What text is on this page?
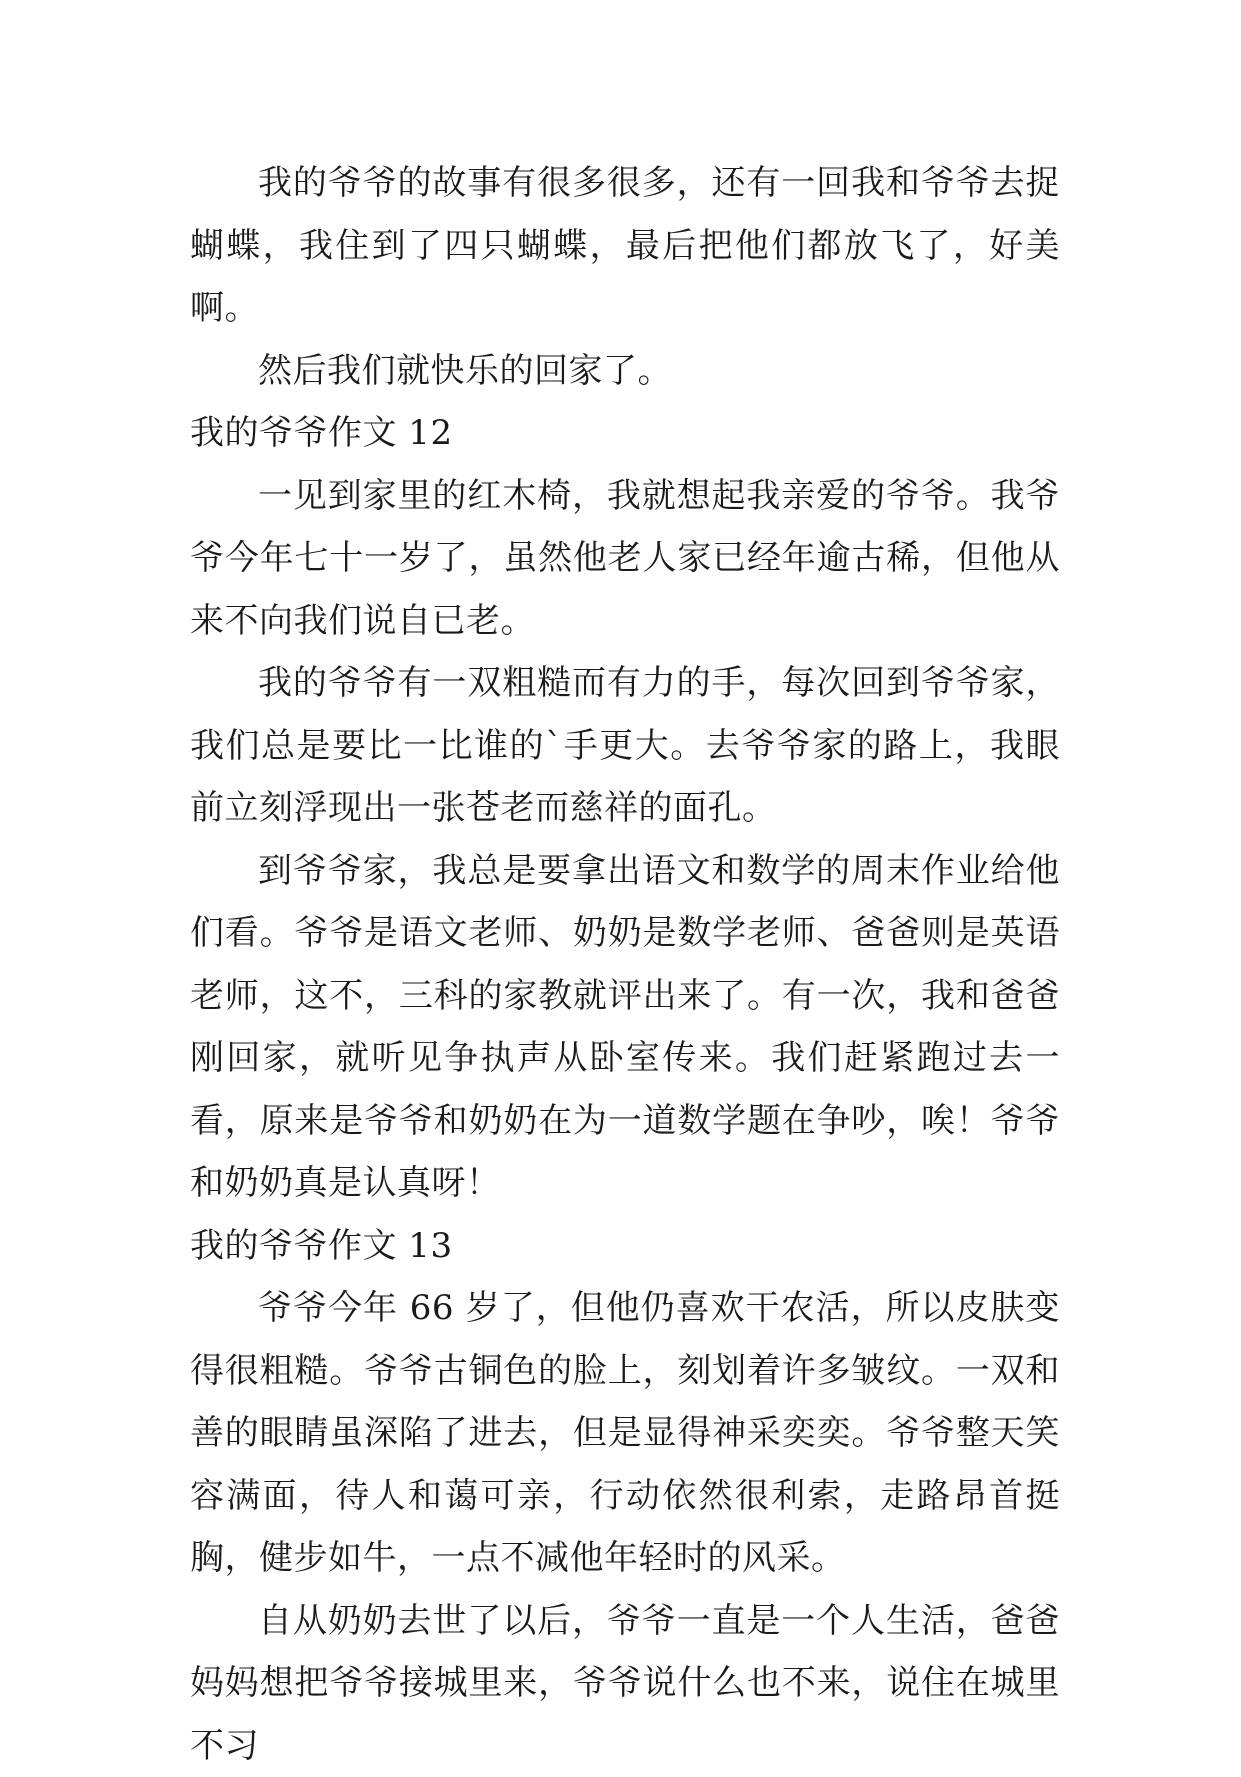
我的爷爷的故事有很多很多，还有一回我和爷爷去捉蝴蝶，我住到了四只蝴蝶，最后把他们都放飞了，好美啊。

然后我们就快乐的回家了。

我的爷爷作文 12

一见到家里的红木椅，我就想起我亲爱的爷爷。我爷爷今年七十一岁了，虽然他老人家已经年逾古稀，但他从来不向我们说自已老。

我的爷爷有一双粗糙而有力的手，每次回到爷爷家，我们总是要比一比谁的`手更大。去爷爷家的路上，我眼前立刻浮现出一张苍老而慈祥的面孔。

到爷爷家，我总是要拿出语文和数学的周末作业给他们看。爷爷是语文老师、奶奶是数学老师、爸爸则是英语老师，这不，三科的家教就评出来了。有一次，我和爸爸刚回家，就听见争执声从卧室传来。我们赶紧跑过去一看，原来是爷爷和奶奶在为一道数学题在争吵，唉！爷爷和奶奶真是认真呀！

我的爷爷作文 13

爷爷今年 66 岁了，但他仍喜欢干农活，所以皮肤变得很粗糙。爷爷古铜色的脸上，刻划着许多皱纹。一双和善的眼睛虽深陷了进去，但是显得神采奕奕。爷爷整天笑容满面，待人和蔼可亲，行动依然很利索，走路昂首挺胸，健步如牛，一点不减他年轻时的风采。

自从奶奶去世了以后，爷爷一直是一个人生活，爸爸妈妈想把爷爷接城里来，爷爷说什么也不来，说住在城里不习
